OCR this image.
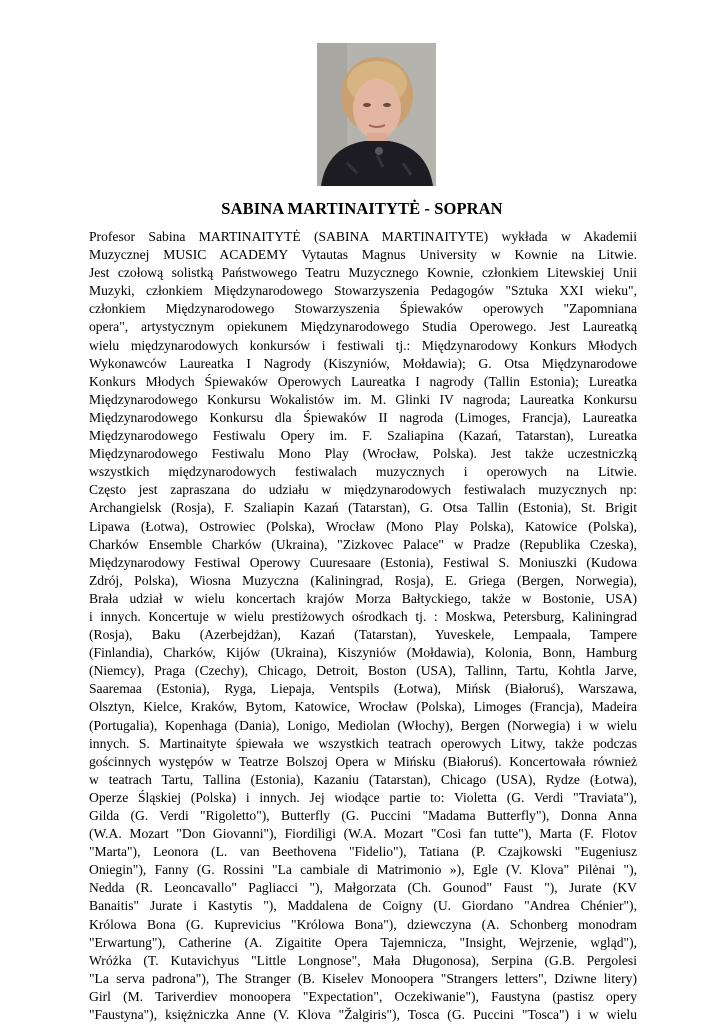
SABINA MARTINAITYTĖ - SOPRAN
Profesor Sabina MARTINAITYTĖ (SABINA MARTINAITYTE) wykłada w Akademii
Muzycznej MUSIC ACADEMY Vytautas Magnus University w Kownie na Litwie.
Jest czołową solistką Państwowego Teatru Muzycznego Kownie, członkiem Litewskiej Unii
Muzyki, członkiem Międzynarodowego Stowarzyszenia Pedagogów "Sztuka XXI wieku",
członkiem Międzynarodowego Stowarzyszenia Śpiewaków operowych "Zapomniana
opera", artystycznym opiekunem Międzynarodowego Studia Operowego. Jest Laureatką
wielu międzynarodowych konkursów i festiwali tj.: Międzynarodowy Konkurs Młodych
Wykonawców Laureatka I Nagrody (Kiszyniów, Mołdawia); G. Otsa Międzynarodowe
Konkurs Młodych Śpiewaków Operowych Laureatka I nagrody (Tallin Estonia); Lureatka
Międzynarodowego Konkursu Wokalistów im. M. Glinki IV nagroda; Laureatka Konkursu
Międzynarodowego Konkursu dla Śpiewaków II nagroda (Limoges, Francja), Laureatka
Międzynarodowego Festiwalu Opery im. F. Szaliapina (Kazań, Tatarstan), Lureatka
Międzynarodowego Festiwalu Mono Play (Wrocław, Polska). Jest także uczestniczką
wszystkich międzynarodowych festiwalach muzycznych i operowych na Litwie.
Często jest zapraszana do udziału w międzynarodowych festiwalach muzycznych np:
Archangielsk (Rosja), F. Szaliapin Kazań (Tatarstan), G. Otsa Tallin (Estonia), St. Brigit
Lipawa (Łotwa), Ostrowiec (Polska), Wrocław (Mono Play Polska), Katowice (Polska),
Charków Ensemble Charków (Ukraina), "Zizkovec Palace" w Pradze (Republika Czeska),
Międzynarodowy Festiwal Operowy Cuuresaare (Estonia), Festiwal S. Moniuszki (Kudowa
Zdrój, Polska), Wiosna Muzyczna (Kaliningrad, Rosja), E. Griega (Bergen, Norwegia),
Brała udział w wielu koncertach krajów Morza Bałtyckiego, także w Bostonie, USA)
i innych. Koncertuje w wielu prestiżowych ośrodkach tj. : Moskwa, Petersburg, Kaliningrad
(Rosja), Baku (Azerbejdżan), Kazań (Tatarstan), Yuveskele, Lempaala, Tampere
(Finlandia), Charków, Kijów (Ukraina), Kiszyniów (Mołdawia), Kolonia, Bonn, Hamburg
(Niemcy), Praga (Czechy), Chicago, Detroit, Boston (USA), Tallinn, Tartu, Kohtla Jarve,
Saaremaa (Estonia), Ryga, Liepaja, Ventspils (Łotwa), Mińsk (Białoruś), Warszawa,
Olsztyn, Kielce, Kraków, Bytom, Katowice, Wrocław (Polska), Limoges (Francja), Madeira
(Portugalia), Kopenhaga (Dania), Lonigo, Mediolan (Włochy), Bergen (Norwegia) i w wielu
innych. S. Martinaityte śpiewała we wszystkich teatrach operowych Litwy, także podczas
gościnnych występów w Teatrze Bolszoj Opera w Mińsku (Białoruś). Koncertowała również
w teatrach Tartu, Tallina (Estonia), Kazaniu (Tatarstan), Chicago (USA), Rydze (Łotwa),
Operze Śląskiej (Polska) i innych. Jej wiodące partie to: Violetta (G. Verdi "Traviata"),
Gilda (G. Verdi "Rigoletto"), Butterfly (G. Puccini "Madama Butterfly"), Donna Anna
(W.A. Mozart "Don Giovanni"), Fiordiligi (W.A. Mozart "Cosi fan tutte"), Marta (F. Flotov
"Marta"), Leonora (L. van Beethovena "Fidelio"), Tatiana (P. Czajkowski "Eugeniusz
Oniegin"), Fanny (G. Rossini "La cambiale di Matrimonio »), Egle (V. Klova" Pilėnai "),
Nedda (R. Leoncavallo" Pagliacci "), Małgorzata (Ch. Gounod" Faust "), Jurate (KV
Banaitis" Jurate i Kastytis "), Maddalena de Coigny (U. Giordano "Andrea Chénier"),
Królowa Bona (G. Kuprevicius "Królowa Bona"), dziewczyna (A. Schonberg monodram
"Erwartung"), Catherine (A. Zigaitite Opera Tajemnicza, "Insight, Wejrzenie, wgląd"),
Wróżka (T. Kutavichyus "Little Longnose", Mała Długonosa), Serpina (G.B. Pergolesi
"La serva padrona"), The Stranger (B. Kiselev Monoopera "Strangers letters", Dziwne litery)
Girl (M. Tariverdiev monoopera "Expectation", Oczekiwanie"), Faustyna (pastisz opery
"Faustyna"), księżniczka Anne (V. Klova "Žalgiris"), Tosca (G. Puccini "Tosca") i w wielu
